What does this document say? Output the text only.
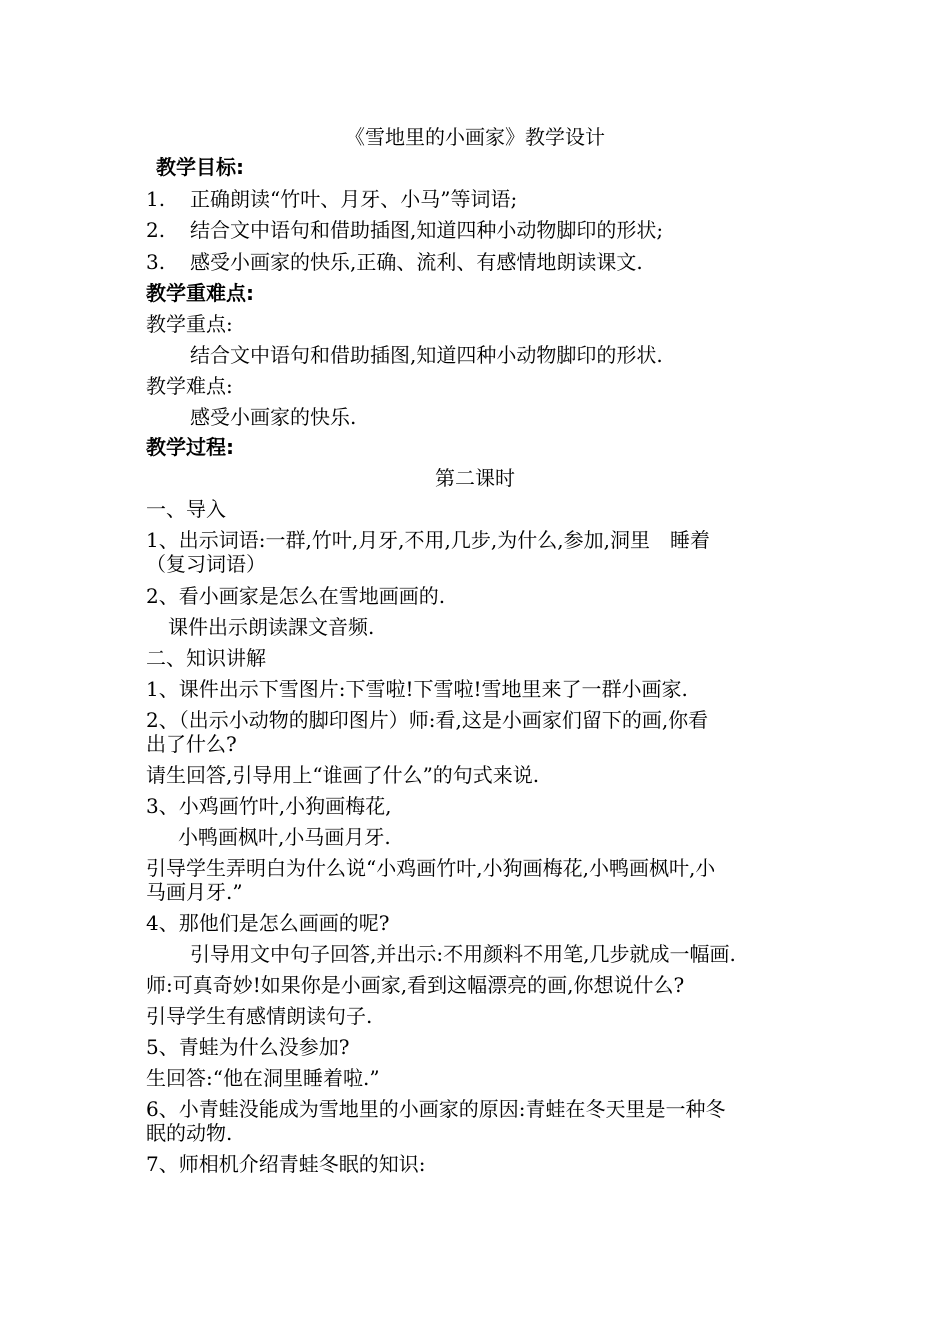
《雪地里的小画家》教学设计
教学目标:
1. 正确朗读“竹叶、月牙、小马”等词语;
2. 结合文中语句和借助插图,知道四种小动物脚印的形状;
3. 感受小画家的快乐,正确、流利、有感情地朗读课文.
教学重难点:
教学重点:
结合文中语句和借助插图,知道四种小动物脚印的形状.
教学难点:
感受小画家的快乐.
教学过程:
第二课时
一、导入
1、出示词语:一群,竹叶,月牙,不用,几步,为什么,参加,洞里　睡着
（复习词语）
2、看小画家是怎么在雪地画画的.
课件出示朗读課文音频.
二、知识讲解
1、课件出示下雪图片:下雪啦!下雪啦!雪地里来了一群小画家.
2、（出示小动物的脚印图片）师:看,这是小画家们留下的画,你看
出了什么?
请生回答,引导用上“谁画了什么”的句式来说.
3、小鸡画竹叶,小狗画梅花,
小鸭画枫叶,小马画月牙.
引导学生弄明白为什么说“小鸡画竹叶,小狗画梅花,小鸭画枫叶,小
马画月牙.”
4、那他们是怎么画画的呢?
引导用文中句子回答,并出示:不用颜料不用笔,几步就成一幅画.
师:可真奇妙!如果你是小画家,看到这幅漂亮的画,你想说什么?
引导学生有感情朗读句子.
5、青蛙为什么没参加?
生回答:“他在洞里睡着啦.”
6、小青蛙没能成为雪地里的小画家的原因:青蛙在冬天里是一种冬
眠的动物.
7、师相机介绍青蛙冬眠的知识:
